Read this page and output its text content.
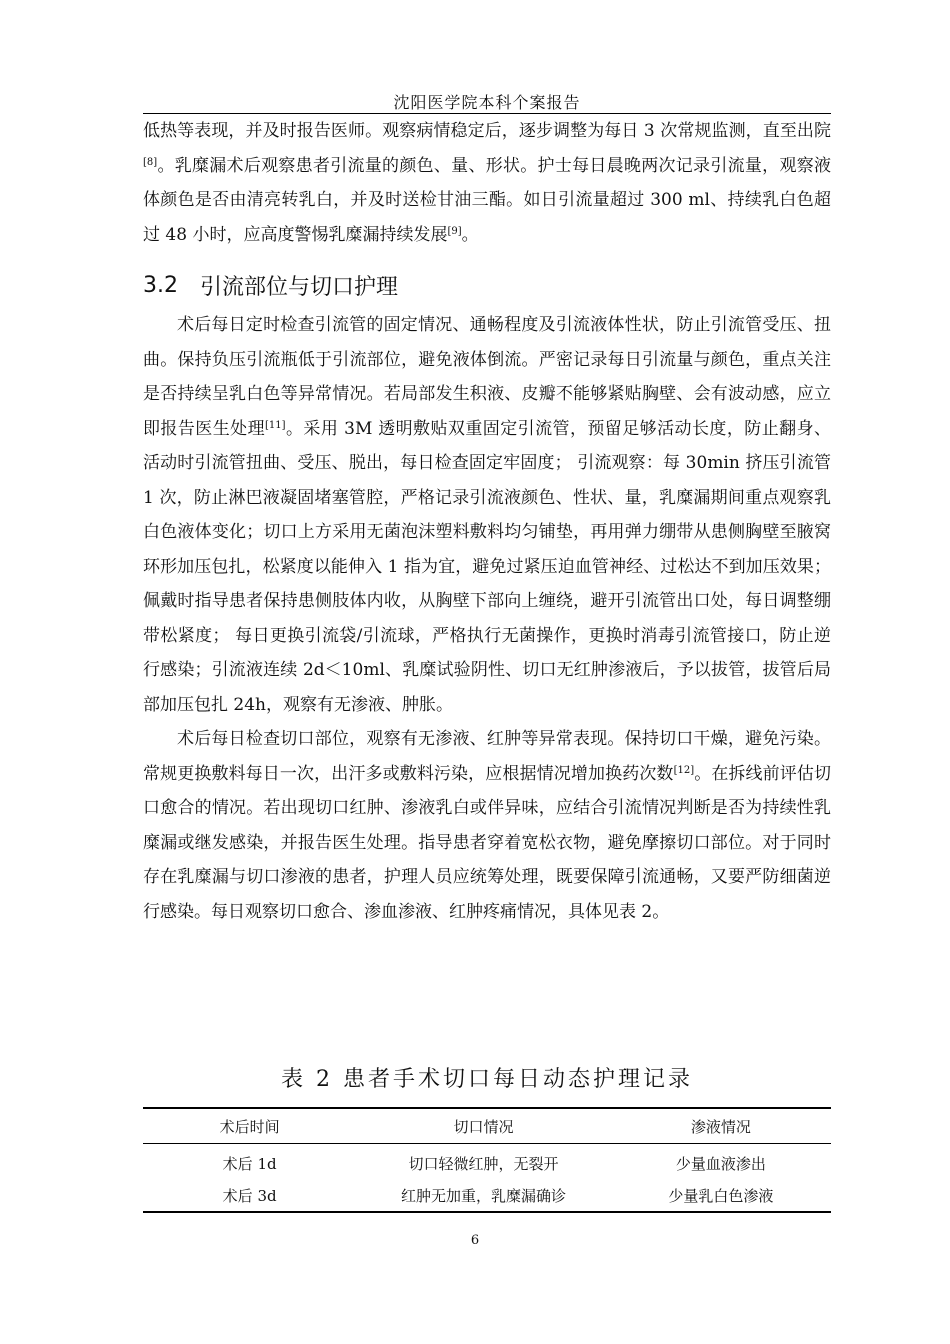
沈阳医学院本科个案报告

低热等表现，并及时报告医师。观察病情稳定后，逐步调整为每日 3 次常规监测，直至出院[8]。乳糜漏术后观察患者引流量的颜色、量、形状。护士每日晨晚两次记录引流量，观察液体颜色是否由清亮转乳白，并及时送检甘油三酯。如日引流量超过 300 ml、持续乳白色超过 48 小时，应高度警惕乳糜漏持续发展[9]。

3.2 引流部位与切口护理

术后每日定时检查引流管的固定情况、通畅程度及引流液体性状，防止引流管受压、扭曲。保持负压引流瓶低于引流部位，避免液体倒流。严密记录每日引流量与颜色，重点关注是否持续呈乳白色等异常情况。若局部发生积液、皮瓣不能够紧贴胸壁、会有波动感，应立即报告医生处理[11]。采用 3M 透明敷贴双重固定引流管，预留足够活动长度，防止翻身、活动时引流管扭曲、受压、脱出，每日检查固定牢固度； 引流观察：每 30min 挤压引流管 1 次，防止淋巴液凝固堵塞管腔，严格记录引流液颜色、性状、量，乳糜漏期间重点观察乳白色液体变化；切口上方采用无菌泡沫塑料敷料均匀铺垫，再用弹力绷带从患侧胸壁至腋窝环形加压包扎，松紧度以能伸入 1 指为宜，避免过紧压迫血管神经、过松达不到加压效果；佩戴时指导患者保持患侧肢体内收，从胸壁下部向上缠绕，避开引流管出口处，每日调整绷带松紧度； 每日更换引流袋/引流球，严格执行无菌操作，更换时消毒引流管接口，防止逆行感染；引流液连续 2d＜10ml、乳糜试验阴性、切口无红肿渗液后，予以拔管，拔管后局部加压包扎 24h，观察有无渗液、肿胀。

术后每日检查切口部位，观察有无渗液、红肿等异常表现。保持切口干燥，避免污染。常规更换敷料每日一次，出汗多或敷料污染，应根据情况增加换药次数[12]。在拆线前评估切口愈合的情况。若出现切口红肿、渗液乳白或伴异味，应结合引流情况判断是否为持续性乳糜漏或继发感染，并报告医生处理。指导患者穿着宽松衣物，避免摩擦切口部位。对于同时存在乳糜漏与切口渗液的患者，护理人员应统筹处理，既要保障引流通畅，又要严防细菌逆行感染。每日观察切口愈合、渗血渗液、红肿疼痛情况，具体见表 2。

表 2 患者手术切口每日动态护理记录
术后时间	切口情况	渗液情况
术后 1d	切口轻微红肿，无裂开	少量血液渗出
术后 3d	红肿无加重，乳糜漏确诊	少量乳白色渗液
6
